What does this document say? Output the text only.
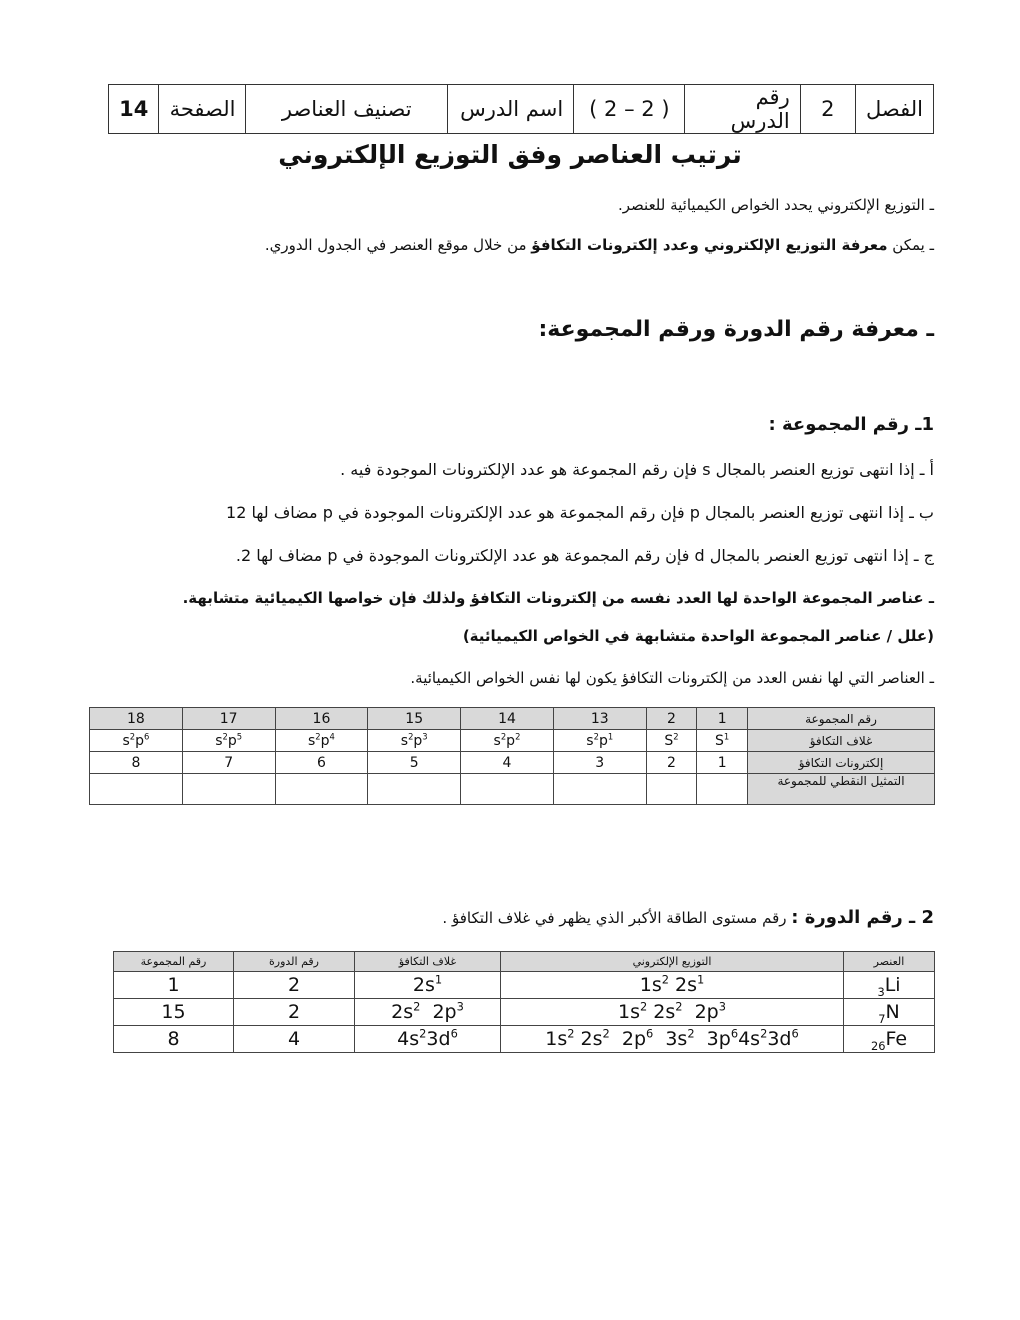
الفصل	2	رقم الدرس	( 2 – 2 )	اسم الدرس	تصنيف العناصر	الصفحة	14
ترتيب العناصر وفق التوزيع الإلكتروني
ـ التوزيع الإلكتروني يحدد الخواص الكيميائية للعنصر.
ـ يمكن معرفة التوزيع الإلكتروني وعدد إلكترونات التكافؤ من خلال موقع العنصر في الجدول الدوري.
ـ معرفة رقم الدورة ورقم المجموعة:
1ـ رقم المجموعة :
أ ـ إذا انتهى توزيع العنصر بالمجال s فإن رقم المجموعة هو عدد الإلكترونات الموجودة فيه .
ب ـ إذا انتهى توزيع العنصر بالمجال p فإن رقم المجموعة هو عدد الإلكترونات الموجودة في p مضاف لها 12
ج ـ إذا انتهى توزيع العنصر بالمجال d فإن رقم المجموعة هو عدد الإلكترونات الموجودة في p مضاف لها 2.
ـ عناصر المجموعة الواحدة لها العدد نفسه من إلكترونات التكافؤ ولذلك فإن خواصها الكيميائية متشابهة.
(علل / عناصر المجموعة الواحدة متشابهة في الخواص الكيميائية)
ـ العناصر التي لها نفس العدد من إلكترونات التكافؤ يكون لها نفس الخواص الكيميائية.
رقم المجموعة	1	2	13	14	15	16	17	18
غلاف التكافؤ	$S^1$	$S^2$	$s^2p^1$	$s^2p^2$	$s^2p^3$	$s^2p^4$	$s^2p^5$	$s^2p^6$
إلكترونات التكافؤ	1	2	3	4	5	6	7	8
التمثيل النقطي للمجموعة								
2 ـ رقم الدورة : رقم مستوى الطاقة الأكبر الذي يظهر في غلاف التكافؤ .
العنصر	التوزيع الإلكتروني	غلاف التكافؤ	رقم الدورة	رقم المجموعة
$_3$Li	$1s^2$ $2s^1$	$2s^1$	2	1
$_7$N	$1s^2$ $2s^2$  $2p^3$	$2s^2$  $2p^3$	2	15
$_{26}$Fe	$1s^2$ $2s^2$  $2p^6$  $3s^2$  $3p^64s^23d^6$	$4s^23d^6$	4	8
